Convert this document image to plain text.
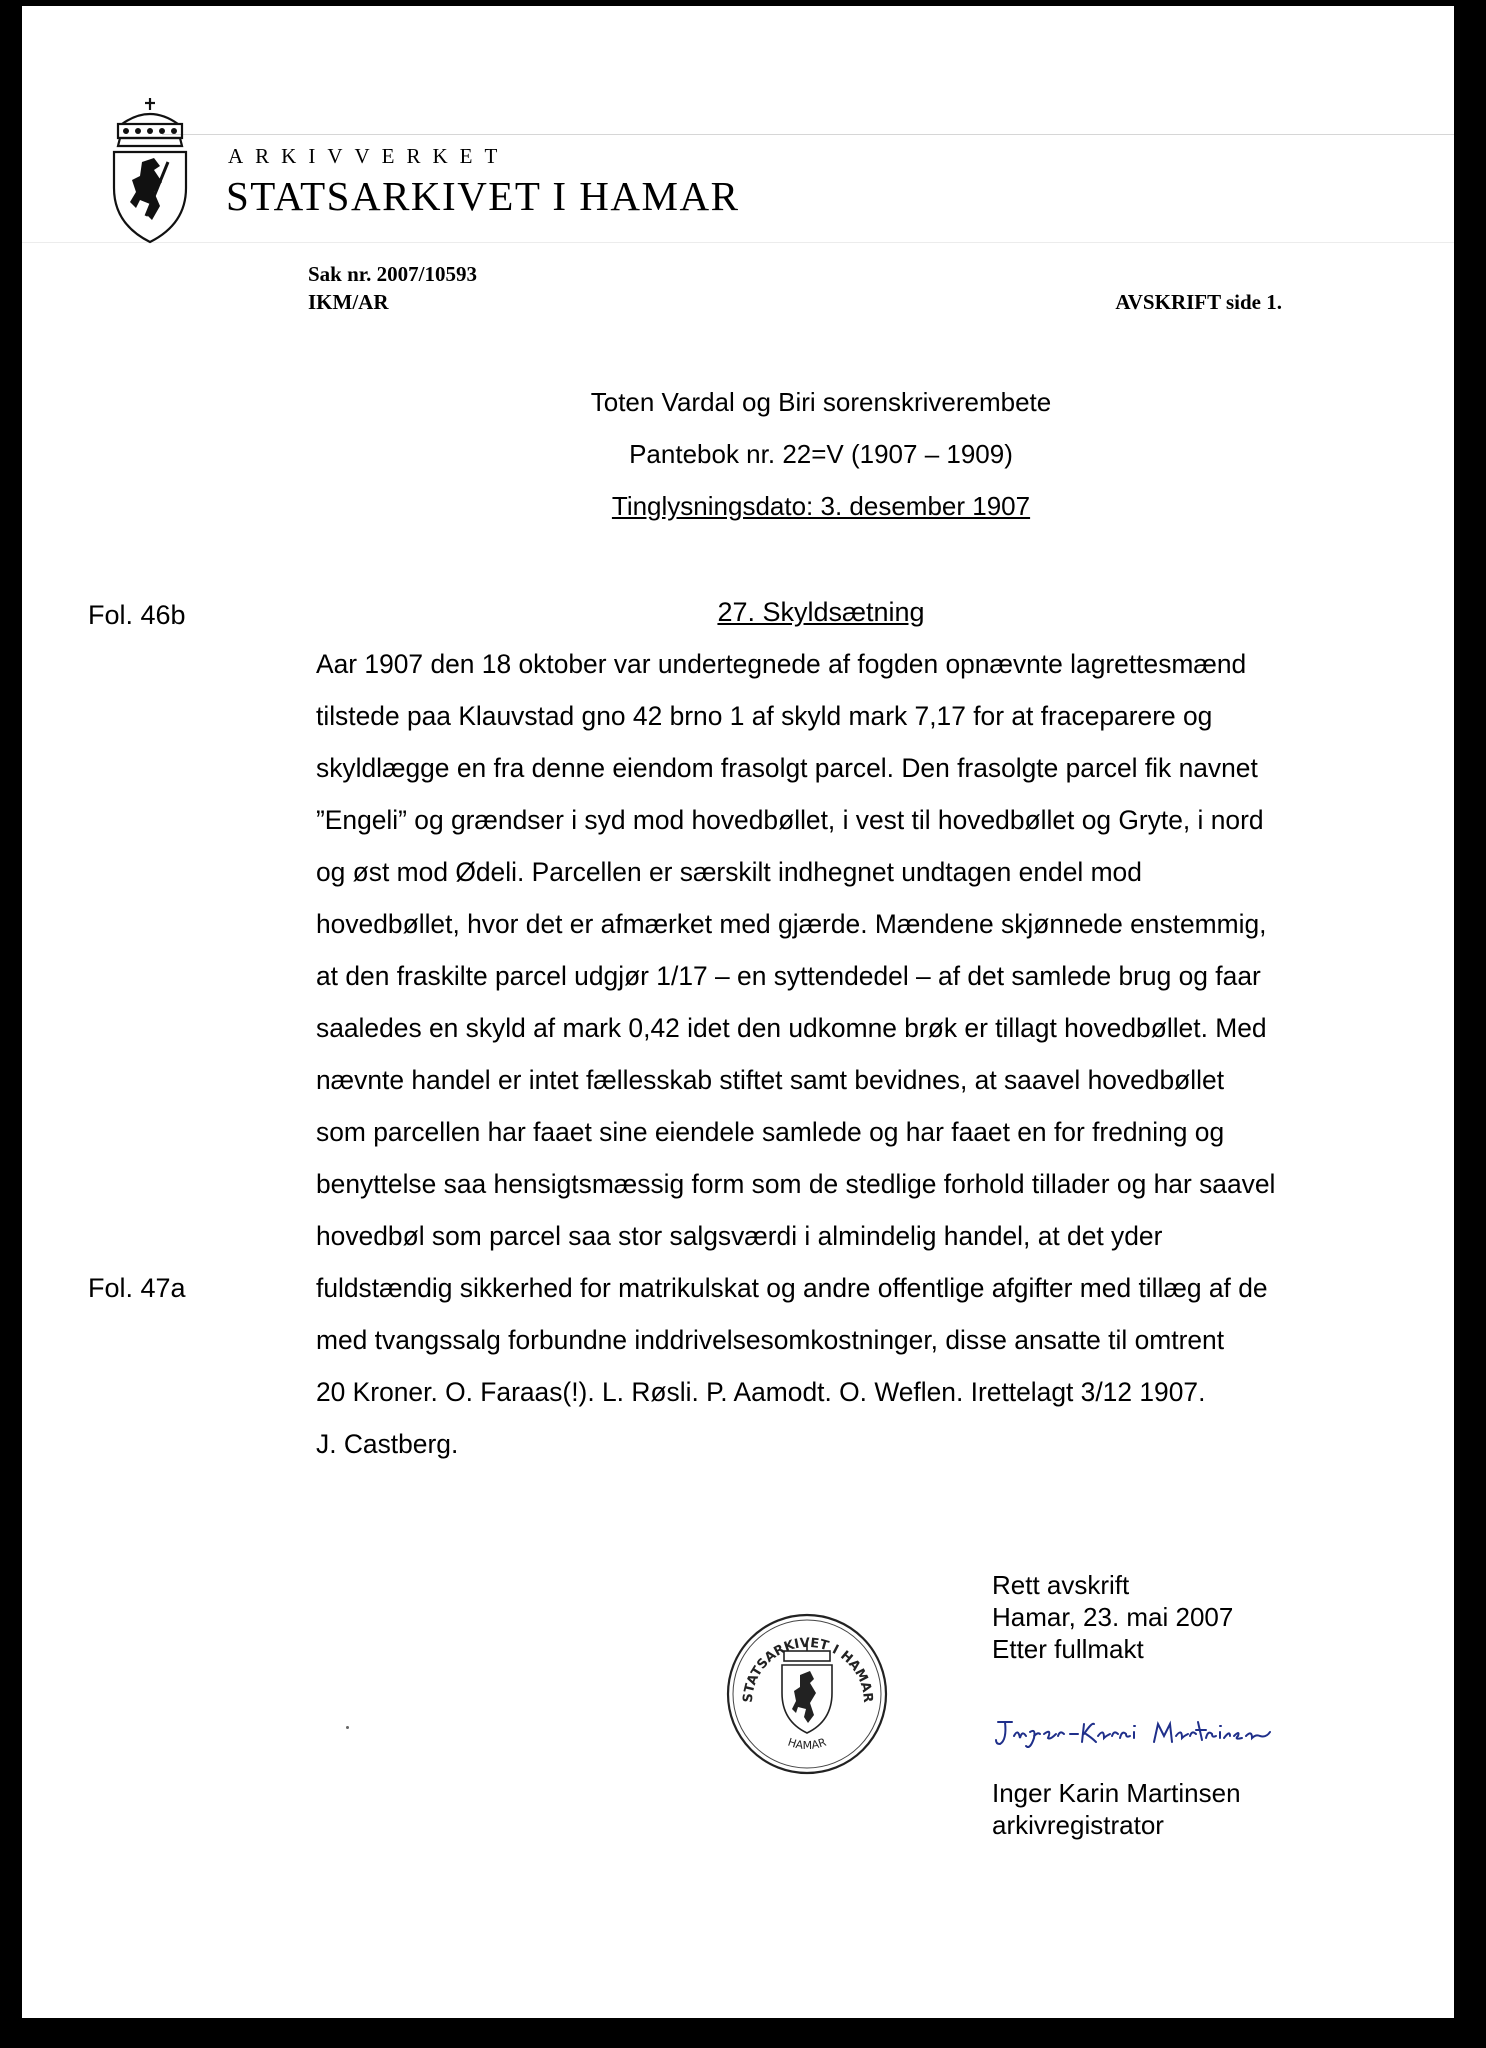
ARKIVVERKET
STATSARKIVET I HAMAR
Sak nr. 2007/10593
IKM/AR	AVSKRIFT side 1.
Toten Vardal og Biri sorenskriverembete
Pantebok nr. 22=V (1907 – 1909)
Tinglysningsdato: 3. desember 1907
Fol. 46b	27. Skyldsætning
Aar 1907 den 18 oktober var undertegnede af fogden opnævnte lagrettesmænd
tilstede paa Klauvstad gno 42 brno 1 af skyld mark 7,17 for at fraceparere og
skyldlægge en fra denne eiendom frasolgt parcel. Den frasolgte parcel fik navnet
”Engeli” og grændser i syd mod hovedbøllet, i vest til hovedbøllet og Gryte, i nord
og øst mod Ødeli. Parcellen er særskilt indhegnet undtagen endel mod
hovedbøllet, hvor det er afmærket med gjærde. Mændene skjønnede enstemmig,
at den fraskilte parcel udgjør 1/17 – en syttendedel – af det samlede brug og faar
saaledes en skyld af mark 0,42 idet den udkomne brøk er tillagt hovedbøllet. Med
nævnte handel er intet fællesskab stiftet samt bevidnes, at saavel hovedbøllet
som parcellen har faaet sine eiendele samlede og har faaet en for fredning og
benyttelse saa hensigtsmæssig form som de stedlige forhold tillader og har saavel
hovedbøl som parcel saa stor salgsværdi i almindelig handel, at det yder
Fol. 47a	fuldstændig sikkerhed for matrikulskat og andre offentlige afgifter med tillæg af de
med tvangssalg forbundne inddrivelsesomkostninger, disse ansatte til omtrent
20 Kroner. O. Faraas(!). L. Røsli. P. Aamodt. O. Weflen. Irettelagt 3/12 1907.
J. Castberg.
Rett avskrift
Hamar, 23. mai 2007
Etter fullmakt
Inger Karin Martinsen
arkivregistrator
STATSARKIVET I HAMAR
HAMAR
